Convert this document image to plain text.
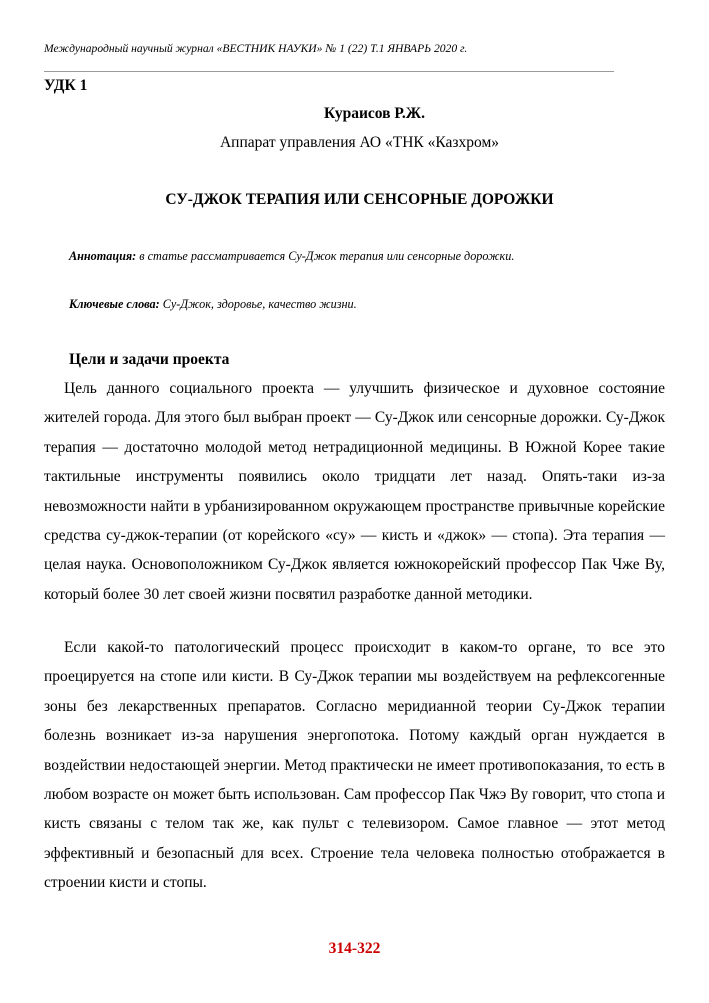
Международный научный журнал «ВЕСТНИК НАУКИ» № 1 (22) Т.1 ЯНВАРЬ 2020 г.
УДК 1
Кураисов Р.Ж.
Аппарат управления АО «ТНК «Казхром»
СУ-ДЖОК ТЕРАПИЯ ИЛИ СЕНСОРНЫЕ ДОРОЖКИ
Аннотация: в статье рассматривается Су-Джок терапия или сенсорные дорожки.
Ключевые слова: Су-Джок, здоровье, качество жизни.
Цели и задачи проекта

Цель данного социального проекта — улучшить физическое и духовное состояние жителей города. Для этого был выбран проект — Су-Джок или сенсорные дорожки. Су-Джок терапия — достаточно молодой метод нетрадиционной медицины. В Южной Корее такие тактильные инструменты появились около тридцати лет назад. Опять-таки из-за невозможности найти в урбанизированном окружающем пространстве привычные корейские средства су-джок-терапии (от корейского «су» — кисть и «джок» — стопа). Эта терапия — целая наука. Основоположником Су-Джок является южнокорейский профессор Пак Чже Ву, который более 30 лет своей жизни посвятил разработке данной методики.

Если какой-то патологический процесс происходит в каком-то органе, то все это проецируется на стопе или кисти. В Су-Джок терапии мы воздействуем на рефлексогенные зоны без лекарственных препаратов. Согласно меридианной теории Су-Джок терапии болезнь возникает из-за нарушения энергопотока. Потому каждый орган нуждается в воздействии недостающей энергии. Метод практически не имеет противопоказания, то есть в любом возрасте он может быть использован. Сам профессор Пак Чжэ Ву говорит, что стопа и кисть связаны с телом так же, как пульт с телевизором. Самое главное — этот метод эффективный и безопасный для всех. Строение тела человека полностью отображается в строении кисти и стопы.

314-322
